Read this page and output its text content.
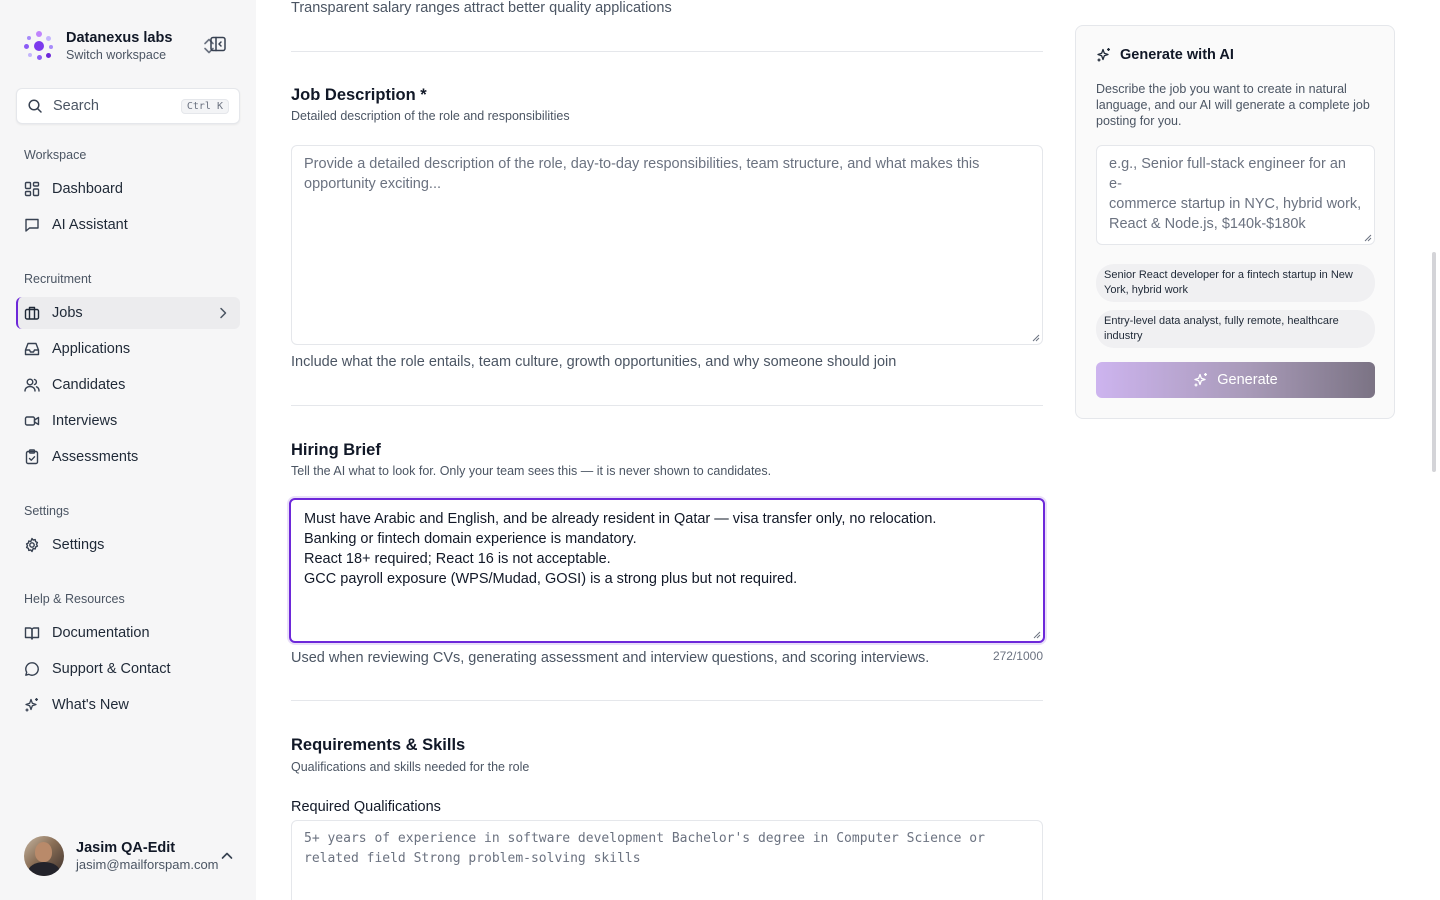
Datanexus labs
Switch workspace
Search	Ctrl K
Workspace
Dashboard
AI Assistant
Recruitment
Jobs
Applications
Candidates
Interviews
Assessments
Settings
Settings
Help & Resources
Documentation
Support & Contact
What's New
Jasim QA-Edit
jasim@mailforspam.com
Transparent salary ranges attract better quality applications
Job Description *
Detailed description of the role and responsibilities
Provide a detailed description of the role, day-to-day responsibilities, team structure, and what makes this
opportunity exciting...
Include what the role entails, team culture, growth opportunities, and why someone should join
Hiring Brief
Tell the AI what to look for. Only your team sees this — it is never shown to candidates.
Must have Arabic and English, and be already resident in Qatar — visa transfer only, no relocation.
Banking or fintech domain experience is mandatory.
React 18+ required; React 16 is not acceptable.
GCC payroll exposure (WPS/Mudad, GOSI) is a strong plus but not required.
Used when reviewing CVs, generating assessment and interview questions, and scoring interviews.	272/1000
Requirements & Skills
Qualifications and skills needed for the role
Required Qualifications
5+ years of experience in software development Bachelor's degree in Computer Science or
related field Strong problem-solving skills
Generate with AI
Describe the job you want to create in natural language, and our AI will generate a complete job posting for you.
e.g., Senior full-stack engineer for an e-
commerce startup in NYC, hybrid work,
React & Node.js, $140k-$180k
Senior React developer for a fintech startup in New York, hybrid work
Entry-level data analyst, fully remote, healthcare industry
Generate
